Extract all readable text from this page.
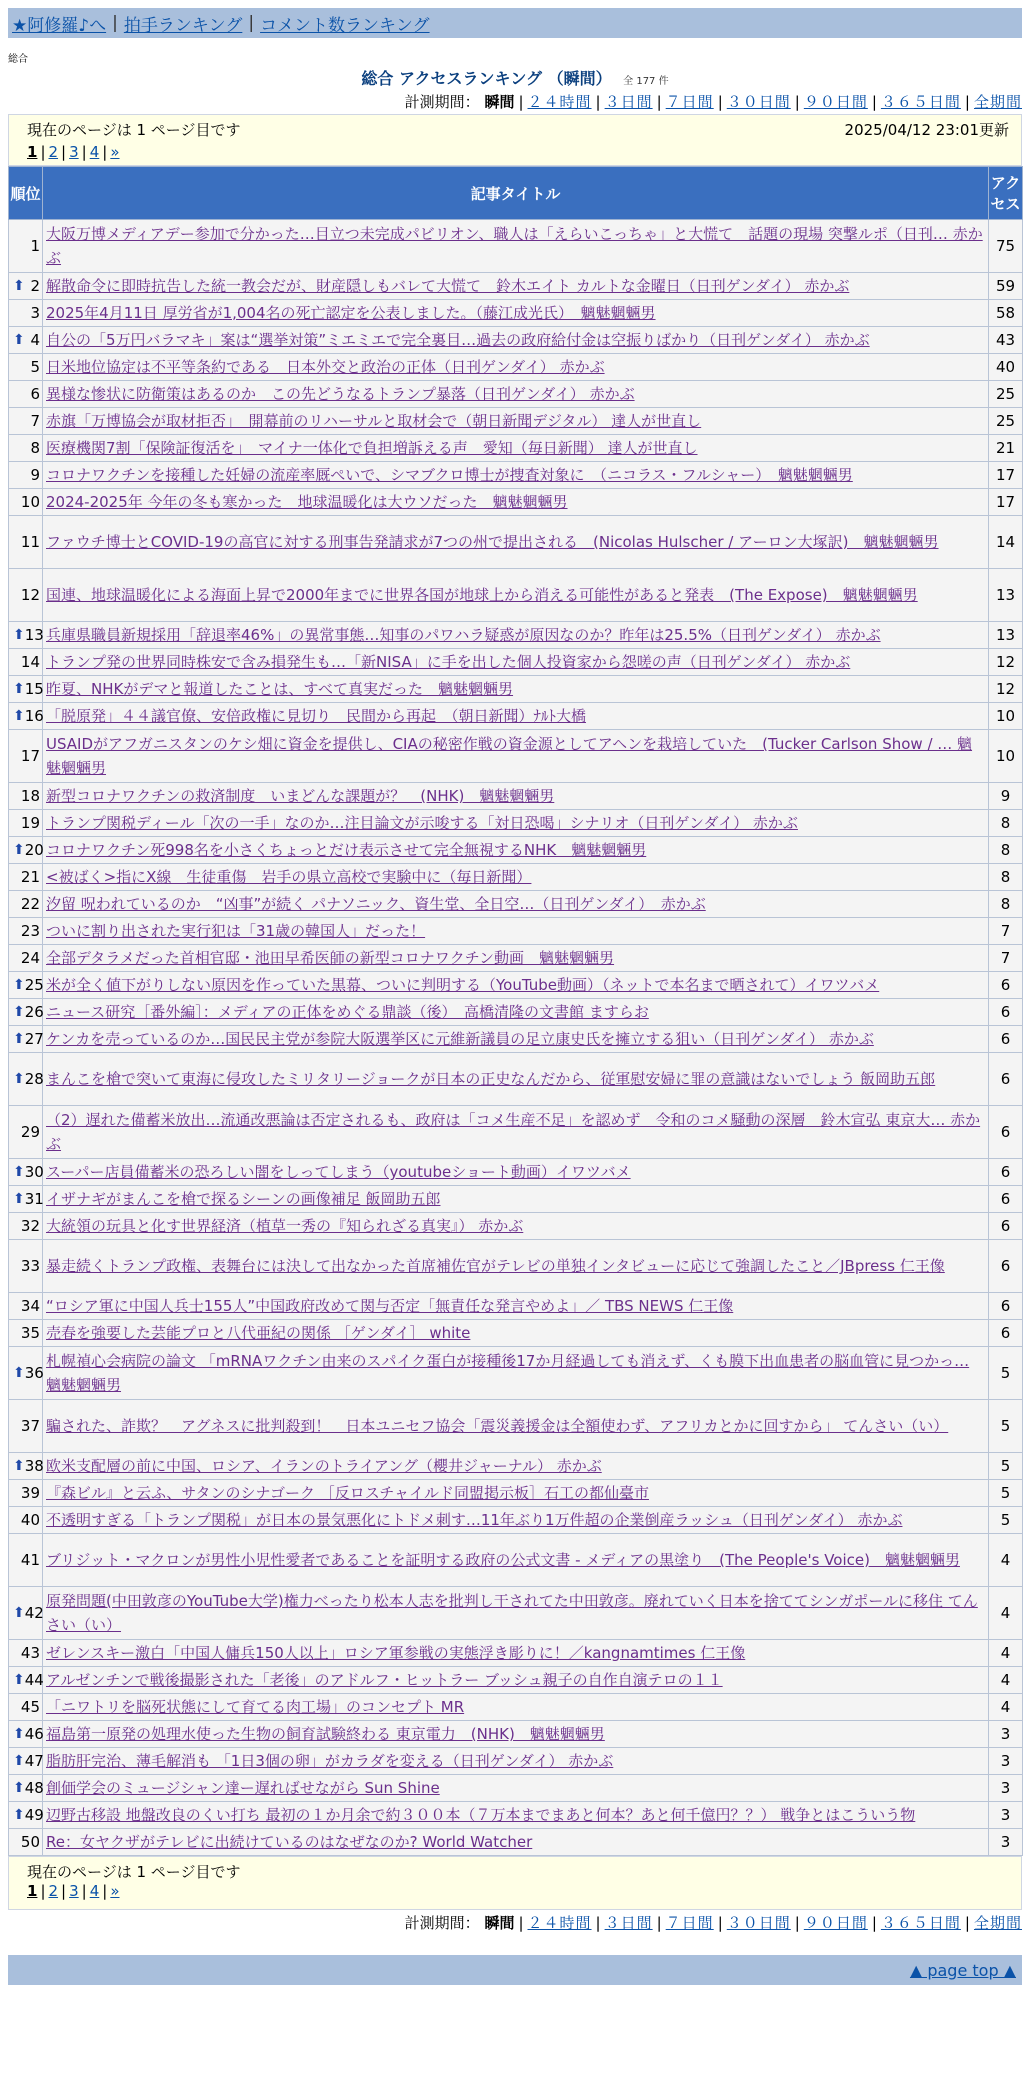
★阿修羅♪へ | 拍手ランキング | コメント数ランキング
総合
総合 アクセスランキング （瞬間） 全 177 件
計測期間： 瞬間 | ２４時間 | ３日間 | ７日間 | ３０日間 | ９０日間 | ３６５日間 | 全期間
現在のページは 1 ページ目です	2025/04/12 23:01更新
1 | 2 | 3 | 4 | »
順位	記事タイトル	アクセス
1	大阪万博メディアデー参加で分かった…目立つ未完成パビリオン、職人は「えらいこっちゃ」と大慌て　話題の現場 突撃ルポ（日刊… 赤かぶ	75

⬆ 2	解散命令に即時抗告した統一教会だが、財産隠しもバレて大慌て　鈴木エイト カルトな金曜日（日刊ゲンダイ） 赤かぶ	59
3	2025年4月11日 厚労省が1,004名の死亡認定を公表しました。（藤江成光氏）　魑魅魍魎男	58

⬆ 4	自公の「5万円バラマキ」案は“選挙対策”ミエミエで完全裏目…過去の政府給付金は空振りばかり（日刊ゲンダイ） 赤かぶ	43
5	日米地位協定は不平等条約である　日本外交と政治の正体（日刊ゲンダイ） 赤かぶ	40
6	異様な惨状に防衛策はあるのか　この先どうなるトランプ暴落（日刊ゲンダイ） 赤かぶ	25
7	赤旗「万博協会が取材拒否」　開幕前のリハーサルと取材会で（朝日新聞デジタル） 達人が世直し	25
8	医療機関7割「保険証復活を」　マイナ一体化で負担増訴える声　愛知（毎日新聞） 達人が世直し	21
9	コロナワクチンを接種した妊婦の流産率厩ぺいで、シマブクロ博士が捜査対象に　（ニコラス・フルシャー）　魑魅魍魎男	17
10	2024-2025年 今年の冬も寒かった　地球温暖化は大ウソだった　魑魅魍魎男	17
11	ファウチ博士とCOVID-19の高官に対する刑事告発請求が7つの州で提出される　(Nicolas Hulscher / アーロン大塚訳)　魑魅魍魎男	14
12	国連、地球温暖化による海面上昇で2000年までに世界各国が地球上から消える可能性があると発表　(The Expose)　魑魅魍魎男	13

⬆ 13	兵庫県職員新規採用「辞退率46%」の異常事態…知事のパワハラ疑惑が原因なのか？昨年は25.5%（日刊ゲンダイ） 赤かぶ	13
14	トランプ発の世界同時株安で含み損発生も…「新NISA」に手を出した個人投資家から怨嗟の声（日刊ゲンダイ） 赤かぶ	12

⬆ 15	昨夏、NHKがデマと報道したことは、すべて真実だった　魑魅魍魎男	12

⬆ 16	「脱原発」４４議官僚、安倍政権に見切り　民間から再起　（朝日新聞）ﾅﾙﾄ大橋	10
17	USAIDがアフガニスタンのケシ畑に資金を提供し、CIAの秘密作戦の資金源としてアヘンを栽培していた　(Tucker Carlson Show / … 魑魅魍魎男	10
18	新型コロナワクチンの救済制度　いまどんな課題が？　(NHK)　魑魅魍魎男	9
19	トランプ関税ディール「次の一手」なのか…注目論文が示唆する「対日恐喝」シナリオ（日刊ゲンダイ） 赤かぶ	8

⬆ 20	コロナワクチン死998名を小さくちょっとだけ表示させて完全無視するNHK　魑魅魍魎男	8
21	<被ばく>指にX線　生徒重傷　岩手の県立高校で実験中に（毎日新聞）	8
22	汐留 呪われているのか　“凶事”が続く パナソニック、資生堂、全日空…（日刊ゲンダイ）　赤かぶ	8
23	ついに割り出された実行犯は「31歳の韓国人」だった！	7
24	全部デタラメだった首相官邸・池田早希医師の新型コロナワクチン動画　魑魅魍魎男	7

⬆ 25	米が全く値下がりしない原因を作っていた黒幕、ついに判明する（YouTube動画）（ネットで本名まで晒されて）イワツバメ	6

⬆ 26	ニュース研究［番外編］：メディアの正体をめぐる鼎談（後）　高橋清隆の文書館 ますらお	6

⬆ 27	ケンカを売っているのか…国民民主党が参院大阪選挙区に元維新議員の足立康史氏を擁立する狙い（日刊ゲンダイ） 赤かぶ	6

⬆ 28	まんこを槍で突いて東海に侵攻したミリタリージョークが日本の正史なんだから、従軍慰安婦に罪の意識はないでしょう 飯岡助五郎	6
29	（2）遅れた備蓄米放出…流通改悪論は否定されるも、政府は「コメ生産不足」を認めず　令和のコメ騒動の深層　鈴木宣弘 東京大… 赤かぶ	6

⬆ 30	スーパー店員備蓄米の恐ろしい闇をしってしまう（youtubeショート動画）イワツバメ	6

⬆ 31	イザナギがまんこを槍で探るシーンの画像補足 飯岡助五郎	6
32	大統領の玩具と化す世界経済（植草一秀の『知られざる真実』） 赤かぶ	6
33	暴走続くトランプ政権、表舞台には決して出なかった首席補佐官がテレビの単独インタビューに応じて強調したこと／JBpress 仁王像	6
34	“ロシア軍に中国人兵士155人”中国政府改めて関与否定「無責任な発言やめよ」／ TBS NEWS 仁王像	6
35	売春を強要した芸能プロと八代亜紀の関係 ［ゲンダイ］ white	6

⬆ 36	札幌禎心会病院の論文 「mRNAワクチン由来のスパイク蛋白が接種後17か月経過しても消えず、くも膜下出血患者の脳血管に見つかっ… 魑魅魍魎男	5
37	騙された、詐欺？　アグネスに批判殺到！　日本ユニセフ協会「震災義援金は全額使わず、アフリカとかに回すから」 てんさい（い）	5

⬆ 38	欧米支配層の前に中国、ロシア、イランのトライアング（櫻井ジャーナル） 赤かぶ	5
39	『森ビル』と云ふ、サタンのシナゴーク ［反ロスチャイルド同盟掲示板］石工の都仙臺市	5
40	不透明すぎる「トランプ関税」が日本の景気悪化にトドメ刺す…11年ぶり1万件超の企業倒産ラッシュ（日刊ゲンダイ） 赤かぶ	5
41	ブリジット・マクロンが男性小児性愛者であることを証明する政府の公式文書 - メディアの黒塗り　(The People's Voice)　魑魅魍魎男	4

⬆ 42	原発問題(中田敦彦のYouTube大学)権力べったり松本人志を批判し干されてた中田敦彦。廃れていく日本を捨ててシンガポールに移住 てんさい（い）	4
43	ゼレンスキー激白「中国人傭兵150人以上」ロシア軍参戦の実態浮き彫りに！／kangnamtimes 仁王像	4

⬆ 44	アルゼンチンで戦後撮影された「老後」のアドルフ・ヒットラー ブッシュ親子の自作自演テロの１１	4
45	「ニワトリを脳死状態にして育てる肉工場」のコンセプト MR	4

⬆ 46	福島第一原発の処理水使った生物の飼育試験終わる 東京電力　(NHK)　魑魅魍魎男	3

⬆ 47	脂肪肝完治、薄毛解消も 「1日3個の卵」がカラダを変える（日刊ゲンダイ） 赤かぶ	3

⬆ 48	創価学会のミュージシャン達ー遅ればせながら Sun Shine	3

⬆ 49	辺野古移設 地盤改良のくい打ち 最初の１か月余で約３００本（７万本までまあと何本？あと何千億円？？） 戦争とはこういう物	3
50	Re：女ヤクザがテレビに出続けているのはなぜなのか? World Watcher	3
現在のページは 1 ページ目です
1 | 2 | 3 | 4 | »
計測期間： 瞬間 | ２４時間 | ３日間 | ７日間 | ３０日間 | ９０日間 | ３６５日間 | 全期間
▲ page top ▲
